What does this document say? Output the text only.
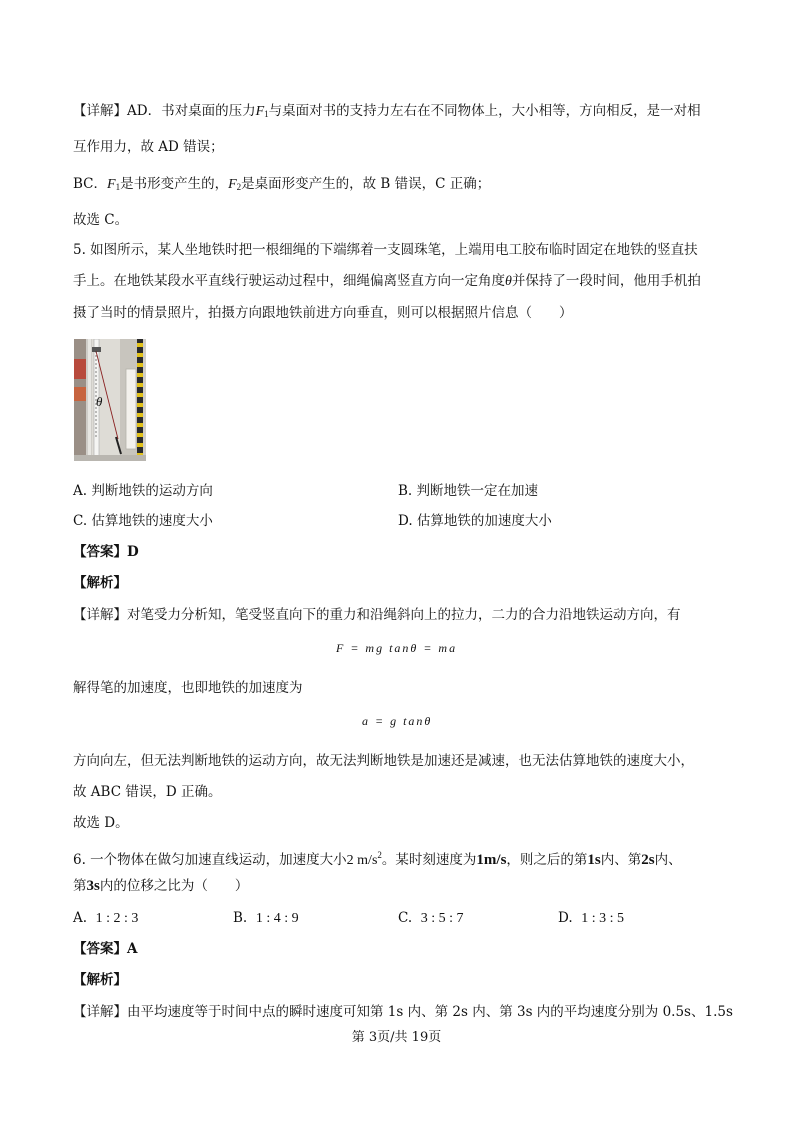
【详解】AD．书对桌面的压力$F_1$与桌面对书的支持力左右在不同物体上，大小相等，方向相反，是一对相
互作用力，故 AD 错误；
BC．$F_1$是书形变产生的，$F_2$是桌面形变产生的，故 B 错误，C 正确；
故选 C。
5. 如图所示，某人坐地铁时把一根细绳的下端绑着一支圆珠笔，上端用电工胶布临时固定在地铁的竖直扶
手上。在地铁某段水平直线行驶运动过程中，细绳偏离竖直方向一定角度θ并保持了一段时间，他用手机拍
摄了当时的情景照片，拍摄方向跟地铁前进方向垂直，则可以根据照片信息（　　）
θ
A. 判断地铁的运动方向	B. 判断地铁一定在加速
C. 估算地铁的速度大小	D. 估算地铁的加速度大小
【答案】D
【解析】
【详解】对笔受力分析知，笔受竖直向下的重力和沿绳斜向上的拉力，二力的合力沿地铁运动方向，有
F = mg tanθ = ma
解得笔的加速度，也即地铁的加速度为
a = g tanθ
方向向左，但无法判断地铁的运动方向，故无法判断地铁是加速还是减速，也无法估算地铁的速度大小，
故 ABC 错误，D 正确。
故选 D。
6. 一个物体在做匀加速直线运动，加速度大小2 $m/s^2$。某时刻速度为1m/s，则之后的第1s内、第2s内、
第3s内的位移之比为（　　）
A. 1 : 2 : 3	B. 1 : 4 : 9	C. 3 : 5 : 7	D. 1 : 3 : 5
【答案】A
【解析】
【详解】由平均速度等于时间中点的瞬时速度可知第 1s 内、第 2s 内、第 3s 内的平均速度分别为 0.5s、1.5s
第 3页/共 19页
